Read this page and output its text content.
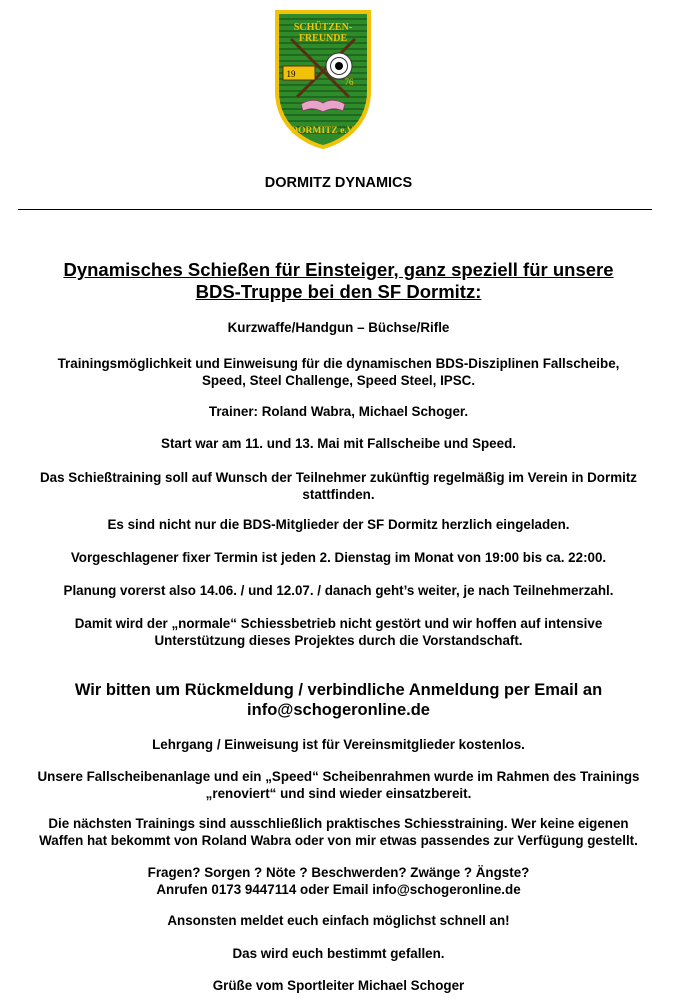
SCHÜTZEN-
FREUNDE
19
76
DORMITZ e.V.
DORMITZ DYNAMICS
Dynamisches Schießen für Einsteiger, ganz speziell für unsere
BDS-Truppe bei den SF Dormitz:

Kurzwaffe/Handgun – Büchse/Rifle

Trainingsmöglichkeit und Einweisung für die dynamischen BDS-Disziplinen Fallscheibe,
Speed, Steel Challenge, Speed Steel, IPSC.

Trainer: Roland Wabra, Michael Schoger.

Start war am 11. und 13. Mai mit Fallscheibe und Speed.

Das Schießtraining soll auf Wunsch der Teilnehmer zukünftig regelmäßig im Verein in Dormitz
stattfinden.

Es sind nicht nur die BDS-Mitglieder der SF Dormitz herzlich eingeladen.

Vorgeschlagener fixer Termin ist jeden 2. Dienstag im Monat von 19:00 bis ca. 22:00.

Planung vorerst also 14.06. / und 12.07. / danach geht’s weiter, je nach Teilnehmerzahl.

Damit wird der „normale“ Schiessbetrieb nicht gestört und wir hoffen auf intensive
Unterstützung dieses Projektes durch die Vorstandschaft.
Wir bitten um Rückmeldung / verbindliche Anmeldung per Email an
info@schogeronline.de

Lehrgang / Einweisung ist für Vereinsmitglieder kostenlos.

Unsere Fallscheibenanlage und ein „Speed“ Scheibenrahmen wurde im Rahmen des Trainings
„renoviert“ und sind wieder einsatzbereit.
Die nächsten Trainings sind ausschließlich praktisches Schiesstraining. Wer keine eigenen
Waffen hat bekommt von Roland Wabra oder von mir etwas passendes zur Verfügung gestellt.
Fragen? Sorgen ? Nöte ? Beschwerden? Zwänge ? Ängste?
Anrufen 0173 9447114 oder Email info@schogeronline.de

Ansonsten meldet euch einfach möglichst schnell an!

Das wird euch bestimmt gefallen.

Grüße vom Sportleiter Michael Schoger
